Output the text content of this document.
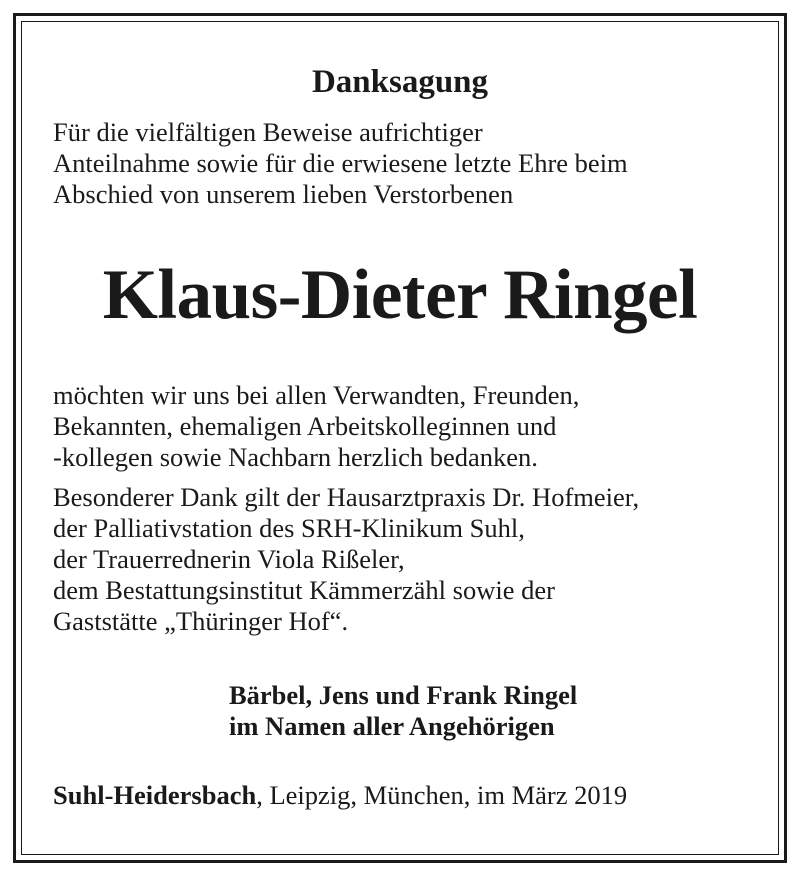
Danksagung
Für die vielfältigen Beweise aufrichtiger
Anteilnahme sowie für die erwiesene letzte Ehre beim
Abschied von unserem lieben Verstorbenen
Klaus-Dieter Ringel
möchten wir uns bei allen Verwandten, Freunden,
Bekannten, ehemaligen Arbeitskolleginnen und
-kollegen sowie Nachbarn herzlich bedanken.
Besonderer Dank gilt der Hausarztpraxis Dr. Hofmeier,
der Palliativstation des SRH-Klinikum Suhl,
der Trauerrednerin Viola Rißeler,
dem Bestattungsinstitut Kämmerzähl sowie der
Gaststätte „Thüringer Hof“.
Bärbel, Jens und Frank Ringel
im Namen aller Angehörigen
Suhl-Heidersbach, Leipzig, München, im März 2019
